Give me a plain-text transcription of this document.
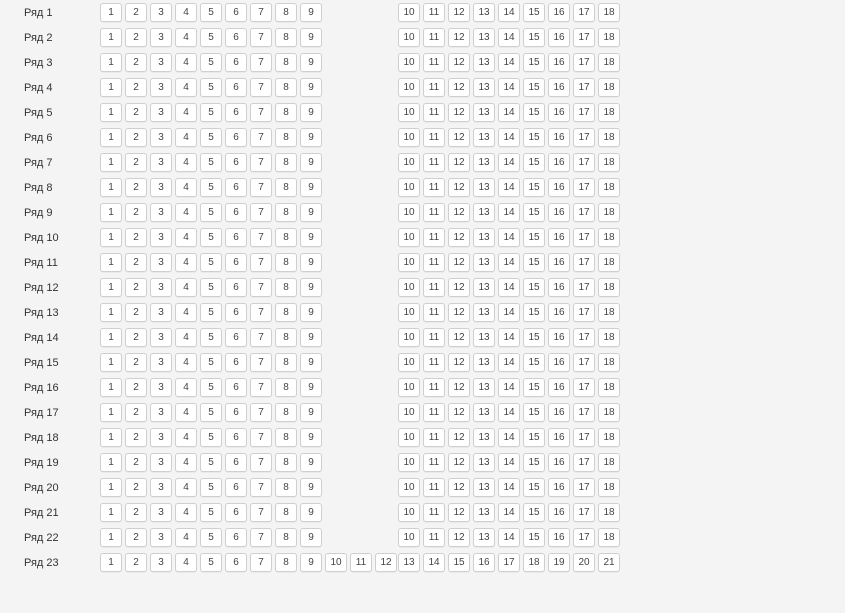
Ряд 1	1	2	3	4	5	6	7	8	9	10	11	12	13	14	15	16	17	18
Ряд 2	1	2	3	4	5	6	7	8	9	10	11	12	13	14	15	16	17	18
Ряд 3	1	2	3	4	5	6	7	8	9	10	11	12	13	14	15	16	17	18
Ряд 4	1	2	3	4	5	6	7	8	9	10	11	12	13	14	15	16	17	18
Ряд 5	1	2	3	4	5	6	7	8	9	10	11	12	13	14	15	16	17	18
Ряд 6	1	2	3	4	5	6	7	8	9	10	11	12	13	14	15	16	17	18
Ряд 7	1	2	3	4	5	6	7	8	9	10	11	12	13	14	15	16	17	18
Ряд 8	1	2	3	4	5	6	7	8	9	10	11	12	13	14	15	16	17	18
Ряд 9	1	2	3	4	5	6	7	8	9	10	11	12	13	14	15	16	17	18
Ряд 10	1	2	3	4	5	6	7	8	9	10	11	12	13	14	15	16	17	18
Ряд 11	1	2	3	4	5	6	7	8	9	10	11	12	13	14	15	16	17	18
Ряд 12	1	2	3	4	5	6	7	8	9	10	11	12	13	14	15	16	17	18
Ряд 13	1	2	3	4	5	6	7	8	9	10	11	12	13	14	15	16	17	18
Ряд 14	1	2	3	4	5	6	7	8	9	10	11	12	13	14	15	16	17	18
Ряд 15	1	2	3	4	5	6	7	8	9	10	11	12	13	14	15	16	17	18
Ряд 16	1	2	3	4	5	6	7	8	9	10	11	12	13	14	15	16	17	18
Ряд 17	1	2	3	4	5	6	7	8	9	10	11	12	13	14	15	16	17	18
Ряд 18	1	2	3	4	5	6	7	8	9	10	11	12	13	14	15	16	17	18
Ряд 19	1	2	3	4	5	6	7	8	9	10	11	12	13	14	15	16	17	18
Ряд 20	1	2	3	4	5	6	7	8	9	10	11	12	13	14	15	16	17	18
Ряд 21	1	2	3	4	5	6	7	8	9	10	11	12	13	14	15	16	17	18
Ряд 22	1	2	3	4	5	6	7	8	9	10	11	12	13	14	15	16	17	18
Ряд 23	1	2	3	4	5	6	7	8	9	10	11	12	13	14	15	16	17	18	19	20	21
